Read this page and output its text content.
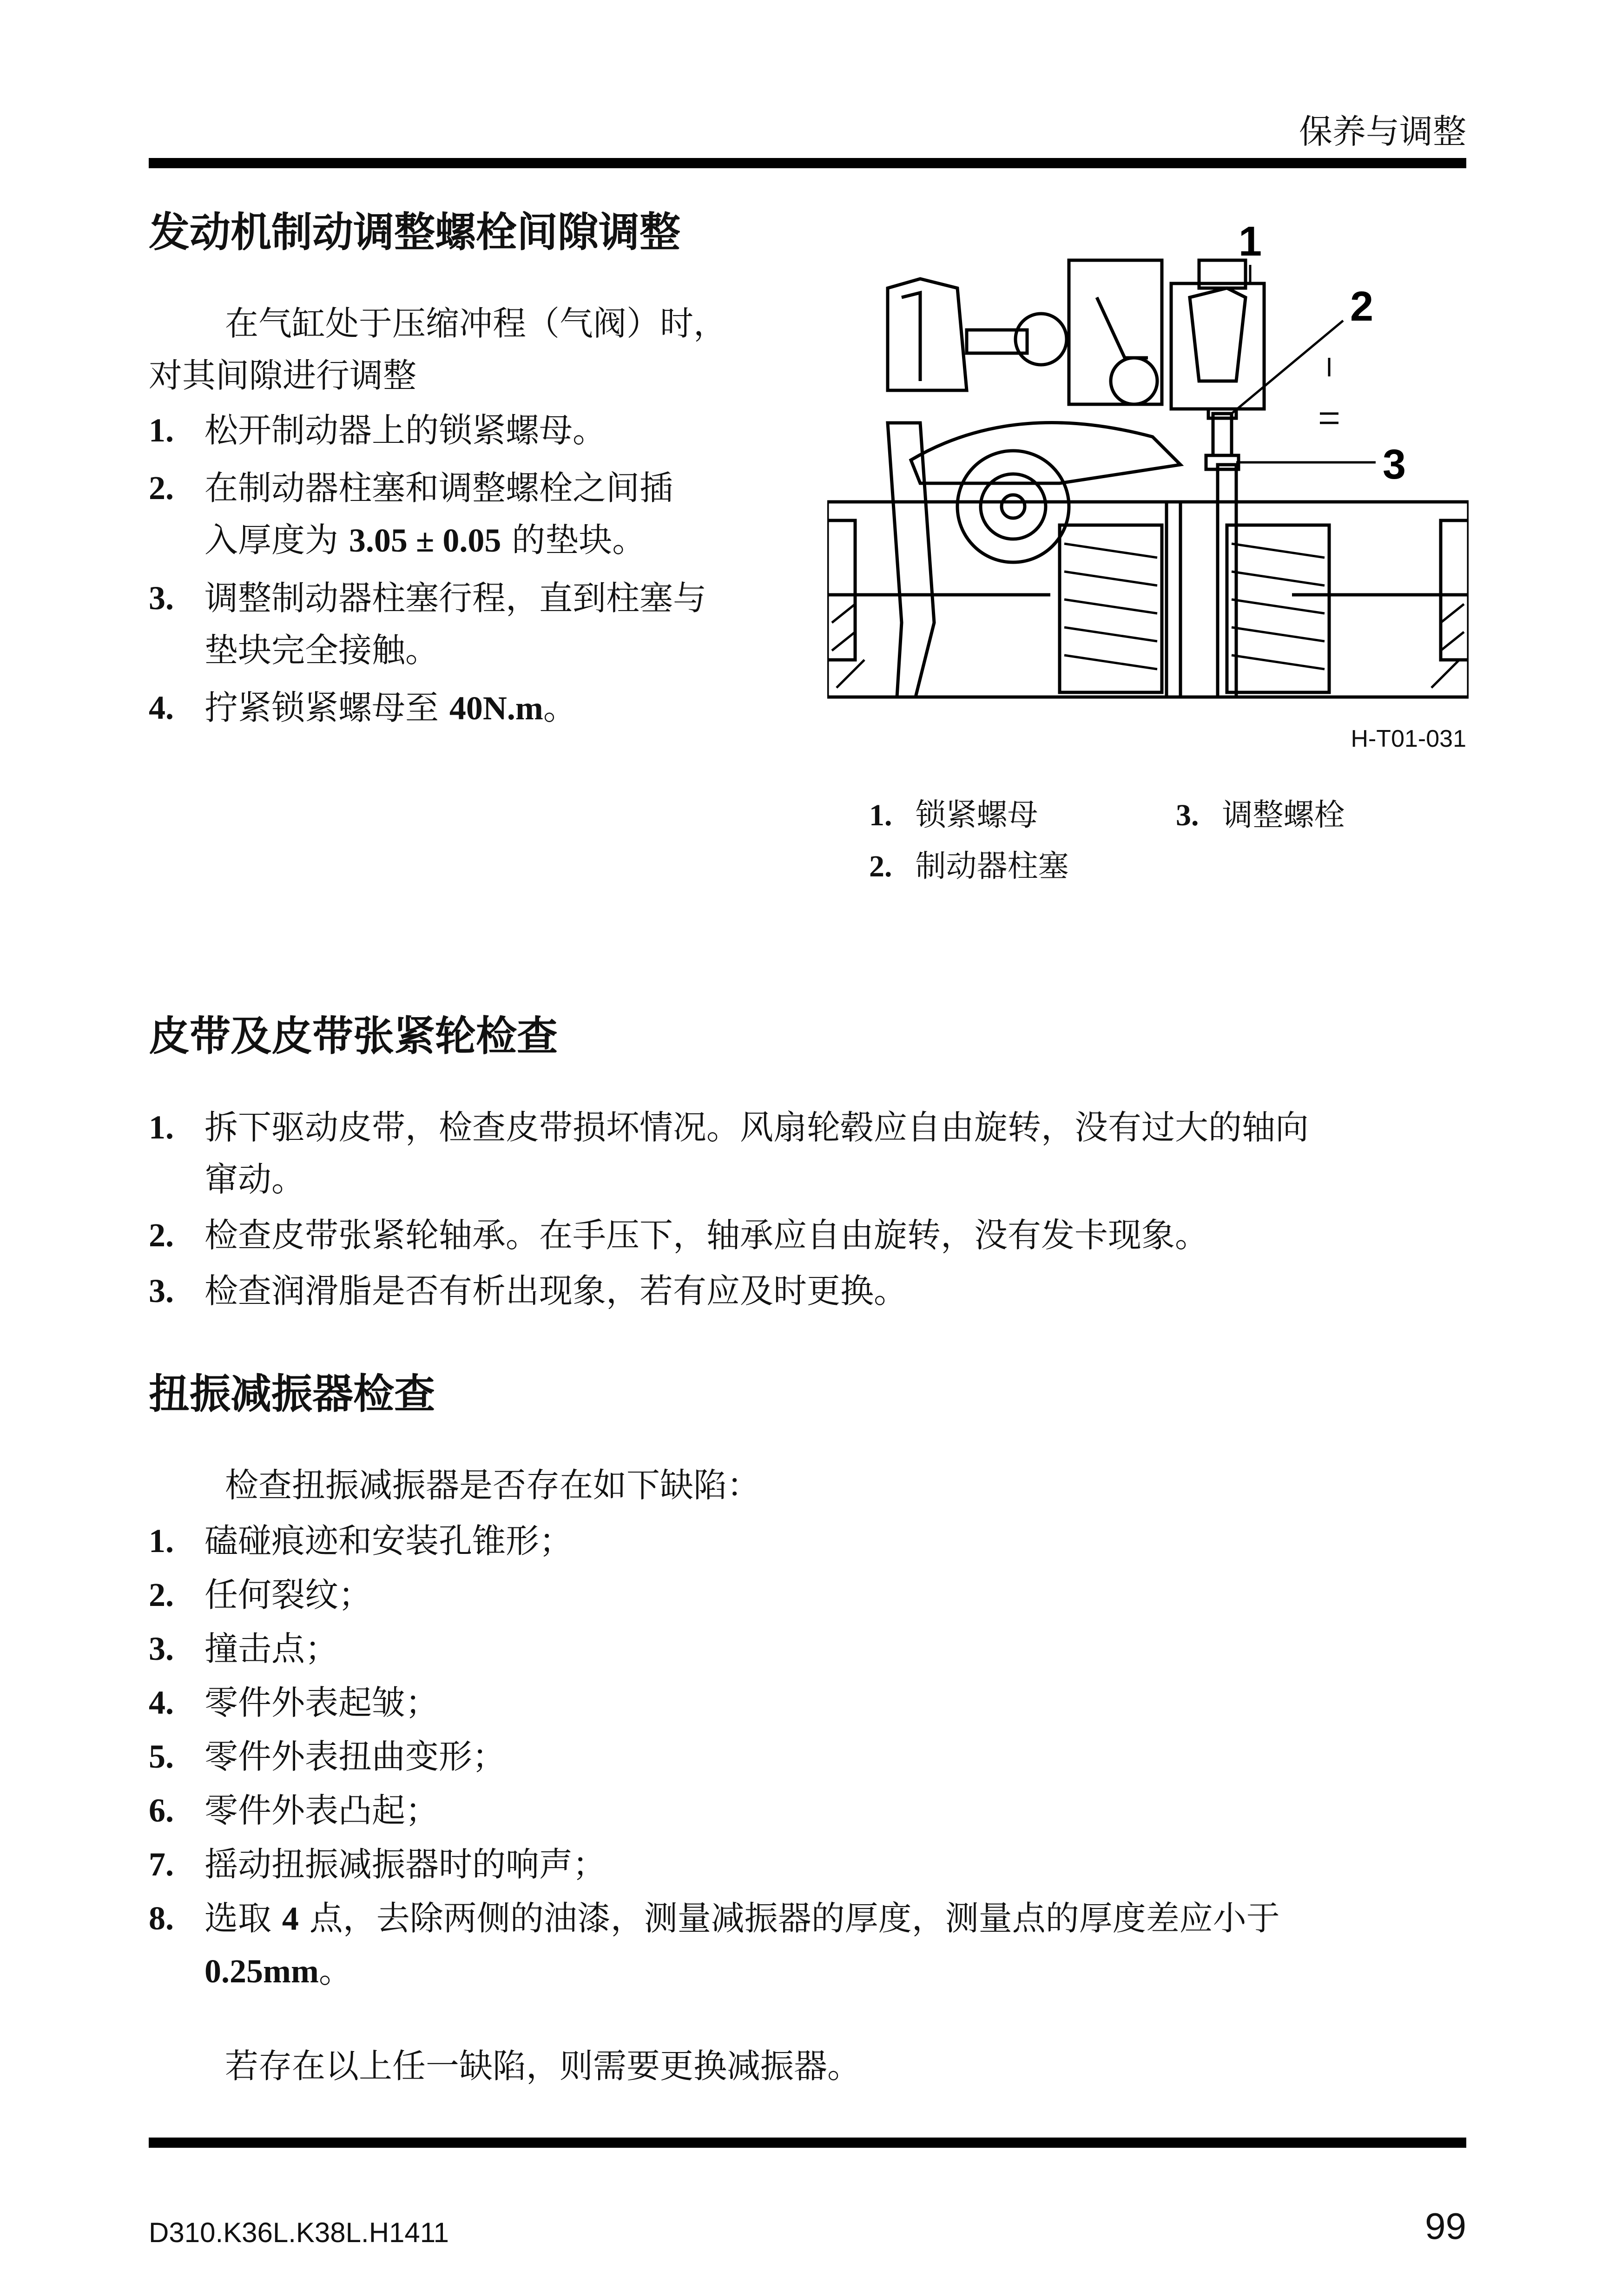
保养与调整
发动机制动调整螺栓间隙调整
在气缸处于压缩冲程（气阀）时，
对其间隙进行调整
1. 松开制动器上的锁紧螺母。
2. 在制动器柱塞和调整螺栓之间插
入厚度为 3.05 ± 0.05 的垫块。
3. 调整制动器柱塞行程，直到柱塞与
垫块完全接触。
4. 拧紧锁紧螺母至 40N.m。
1
2
3
H-T01-031
1. 锁紧螺母	3. 调整螺栓
2. 制动器柱塞
皮带及皮带张紧轮检查
1. 拆下驱动皮带，检查皮带损坏情况。风扇轮毂应自由旋转，没有过大的轴向
窜动。
2. 检查皮带张紧轮轴承。在手压下，轴承应自由旋转，没有发卡现象。
3. 检查润滑脂是否有析出现象，若有应及时更换。
扭振减振器检查
检查扭振减振器是否存在如下缺陷：
1. 磕碰痕迹和安装孔锥形；
2. 任何裂纹；
3. 撞击点；
4. 零件外表起皱；
5. 零件外表扭曲变形；
6. 零件外表凸起；
7. 摇动扭振减振器时的响声；
8. 选取 4 点，去除两侧的油漆，测量减振器的厚度，测量点的厚度差应小于
0.25mm。
若存在以上任一缺陷，则需要更换减振器。
D310.K36L.K38L.H1411	99
